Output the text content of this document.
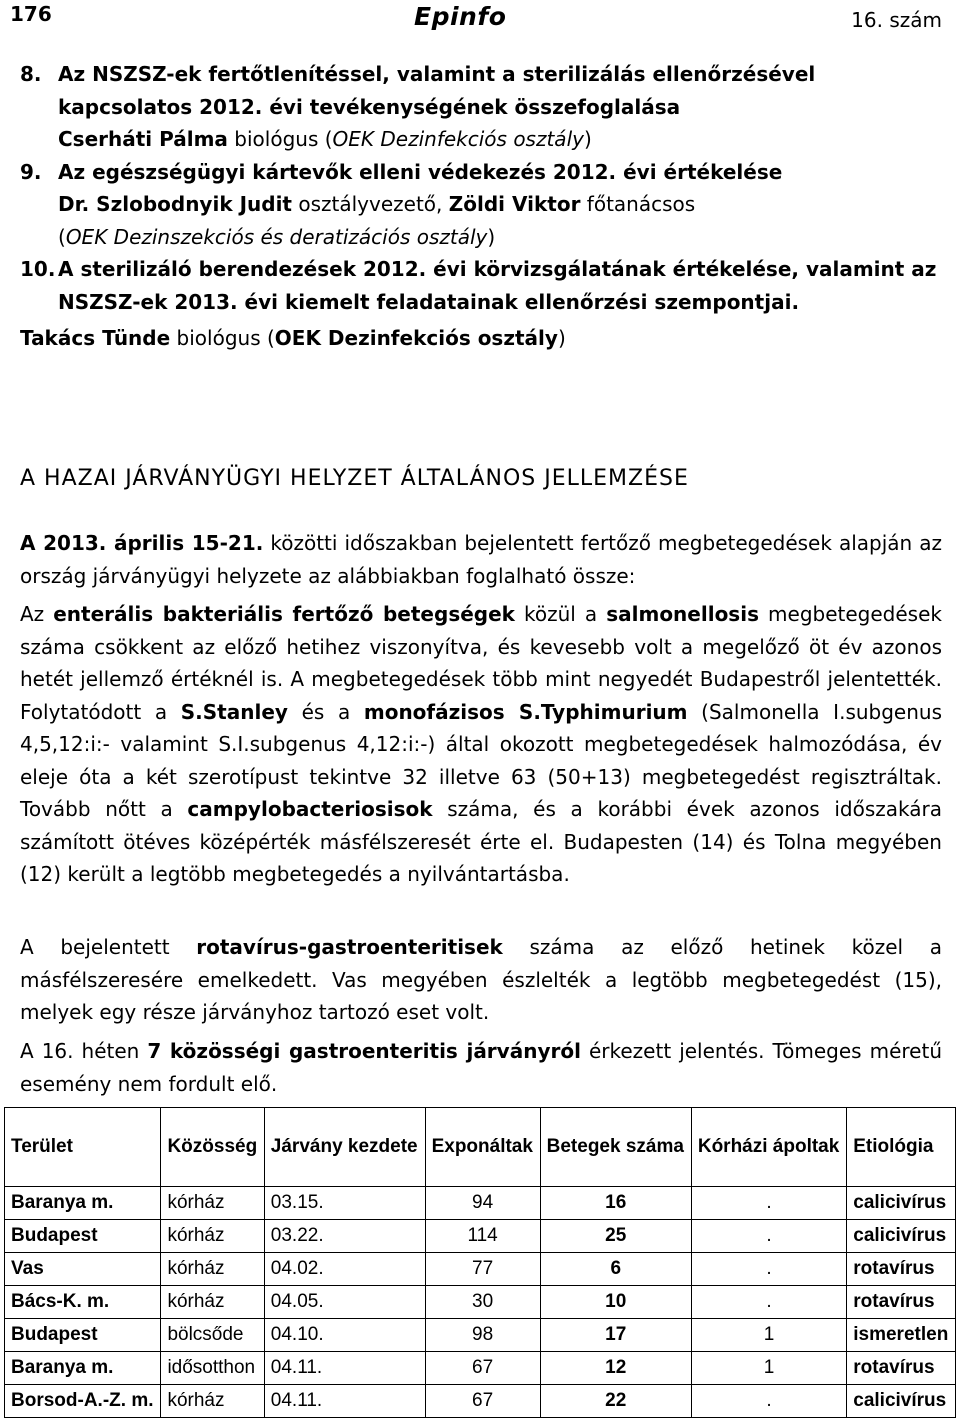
176	Epinfo	16. szám
8. Az NSZSZ-ek fertőtlenítéssel, valamint a sterilizálás ellenőrzésével kapcsolatos 2012. évi tevékenységének összefoglalása
Cserháti Pálma biológus (OEK Dezinfekciós osztály)
9. Az egészségügyi kártevők elleni védekezés 2012. évi értékelése
Dr. Szlobodnyik Judit osztályvezető, Zöldi Viktor főtanácsos
(OEK Dezinszekciós és deratizációs osztály)
10. A sterilizáló berendezések 2012. évi körvizsgálatának értékelése, valamint az NSZSZ-ek 2013. évi kiemelt feladatainak ellenőrzési szempontjai.
Takács Tünde biológus (OEK Dezinfekciós osztály)
A HAZAI JÁRVÁNYÜGYI HELYZET ÁLTALÁNOS JELLEMZÉSE

A 2013. április 15-21. közötti időszakban bejelentett fertőző megbetegedések alapján az ország járványügyi helyzete az alábbiakban foglalható össze:

Az enterális bakteriális fertőző betegségek közül a salmonellosis megbetegedések száma csökkent az előző hetihez viszonyítva, és kevesebb volt a megelőző öt év azonos hetét jellemző értéknél is. A megbetegedések több mint negyedét Budapestről jelentették. Folytatódott a S.Stanley és a monofázisos S.Typhimurium (Salmonella I.subgenus 4,5,12:i:- valamint S.I.subgenus 4,12:i:-) által okozott megbetegedések halmozódása, év eleje óta a két szerotípust tekintve 32 illetve 63 (50+13) megbetegedést regisztráltak. Tovább nőtt a campylobacteriosisok száma, és a korábbi évek azonos időszakára számított ötéves középérték másfélszeresét érte el. Budapesten (14) és Tolna megyében (12) került a legtöbb megbetegedés a nyilvántartásba.

A bejelentett rotavírus-gastroenteritisek száma az előző hetinek közel a másfélszeresére emelkedett. Vas megyében észlelték a legtöbb megbetegedést (15), melyek egy része járványhoz tartozó eset volt.

A 16. héten 7 közösségi gastroenteritis járványról érkezett jelentés. Tömeges méretű esemény nem fordult elő.

Terület	Közösség	Járvány kezdete	Exponáltak	Betegek száma	Kórházi ápoltak	Etiológia
Baranya m.	kórház	03.15.	94	16	.	calicivírus
Budapest	kórház	03.22.	114	25	.	calicivírus
Vas	kórház	04.02.	77	6	.	rotavírus
Bács-K. m.	kórház	04.05.	30	10	.	rotavírus
Budapest	bölcsőde	04.10.	98	17	1	ismeretlen
Baranya m.	idősotthon	04.11.	67	12	1	rotavírus
Borsod-A.-Z. m.	kórház	04.11.	67	22	.	calicivírus
